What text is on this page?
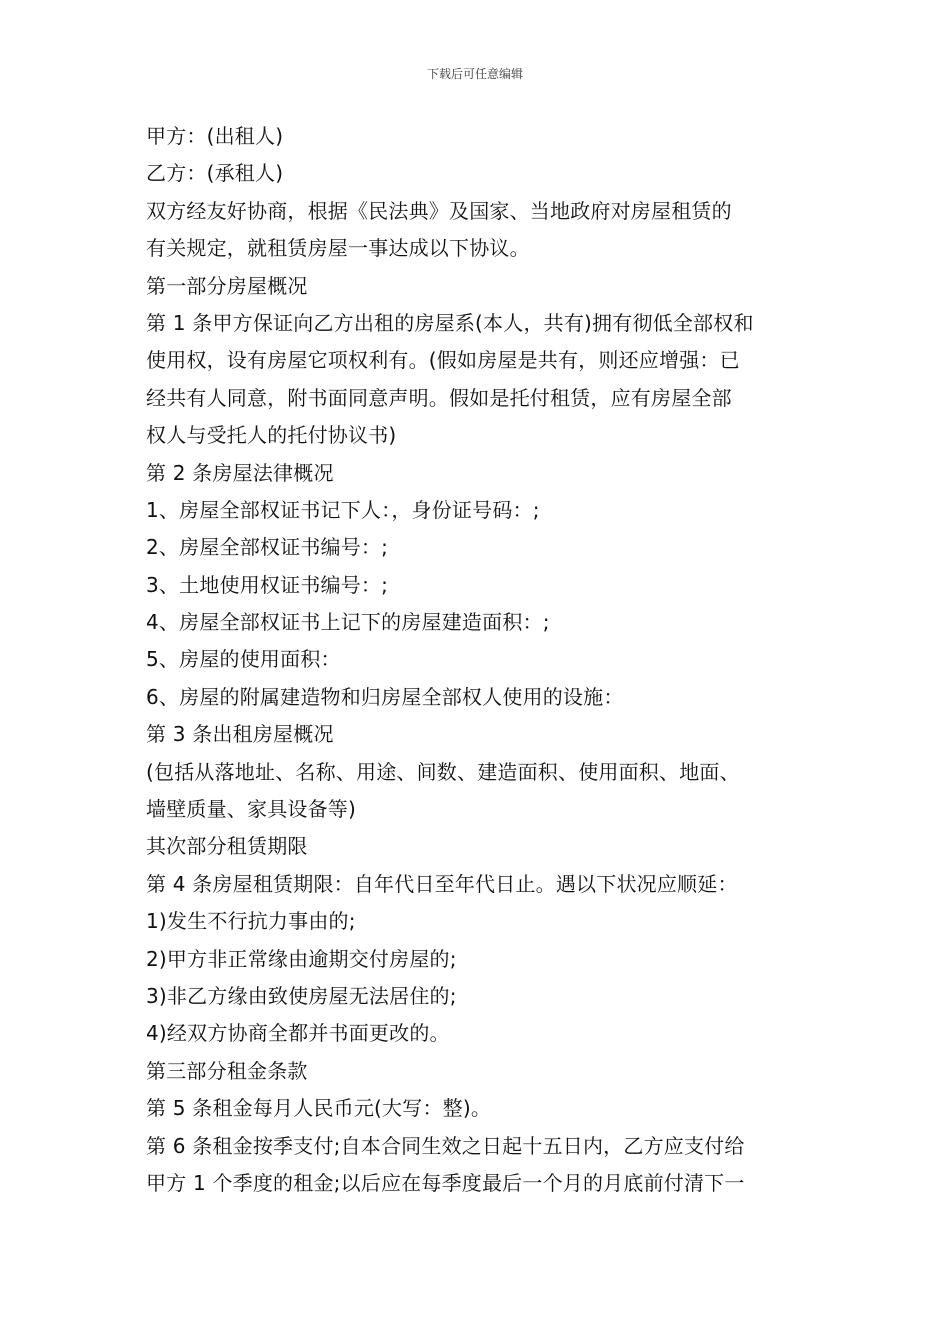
下载后可任意编辑
甲方：(出租人)
乙方：(承租人)
双方经友好协商，根据《民法典》及国家、当地政府对房屋租赁的
有关规定，就租赁房屋一事达成以下协议。
第一部分房屋概况
第 1 条甲方保证向乙方出租的房屋系(本人，共有)拥有彻低全部权和
使用权，设有房屋它项权利有。(假如房屋是共有，则还应增强：已
经共有人同意，附书面同意声明。假如是托付租赁，应有房屋全部
权人与受托人的托付协议书)
第 2 条房屋法律概况
1、房屋全部权证书记下人：，身份证号码：;
2、房屋全部权证书编号：;
3、土地使用权证书编号：;
4、房屋全部权证书上记下的房屋建造面积：;
5、房屋的使用面积：
6、房屋的附属建造物和归房屋全部权人使用的设施：
第 3 条出租房屋概况
(包括从落地址、名称、用途、间数、建造面积、使用面积、地面、
墙壁质量、家具设备等)
其次部分租赁期限
第 4 条房屋租赁期限：自年代日至年代日止。遇以下状况应顺延：
1)发生不行抗力事由的;
2)甲方非正常缘由逾期交付房屋的;
3)非乙方缘由致使房屋无法居住的;
4)经双方协商全都并书面更改的。
第三部分租金条款
第 5 条租金每月人民币元(大写：整)。
第 6 条租金按季支付;自本合同生效之日起十五日内，乙方应支付给
甲方 1 个季度的租金;以后应在每季度最后一个月的月底前付清下一
